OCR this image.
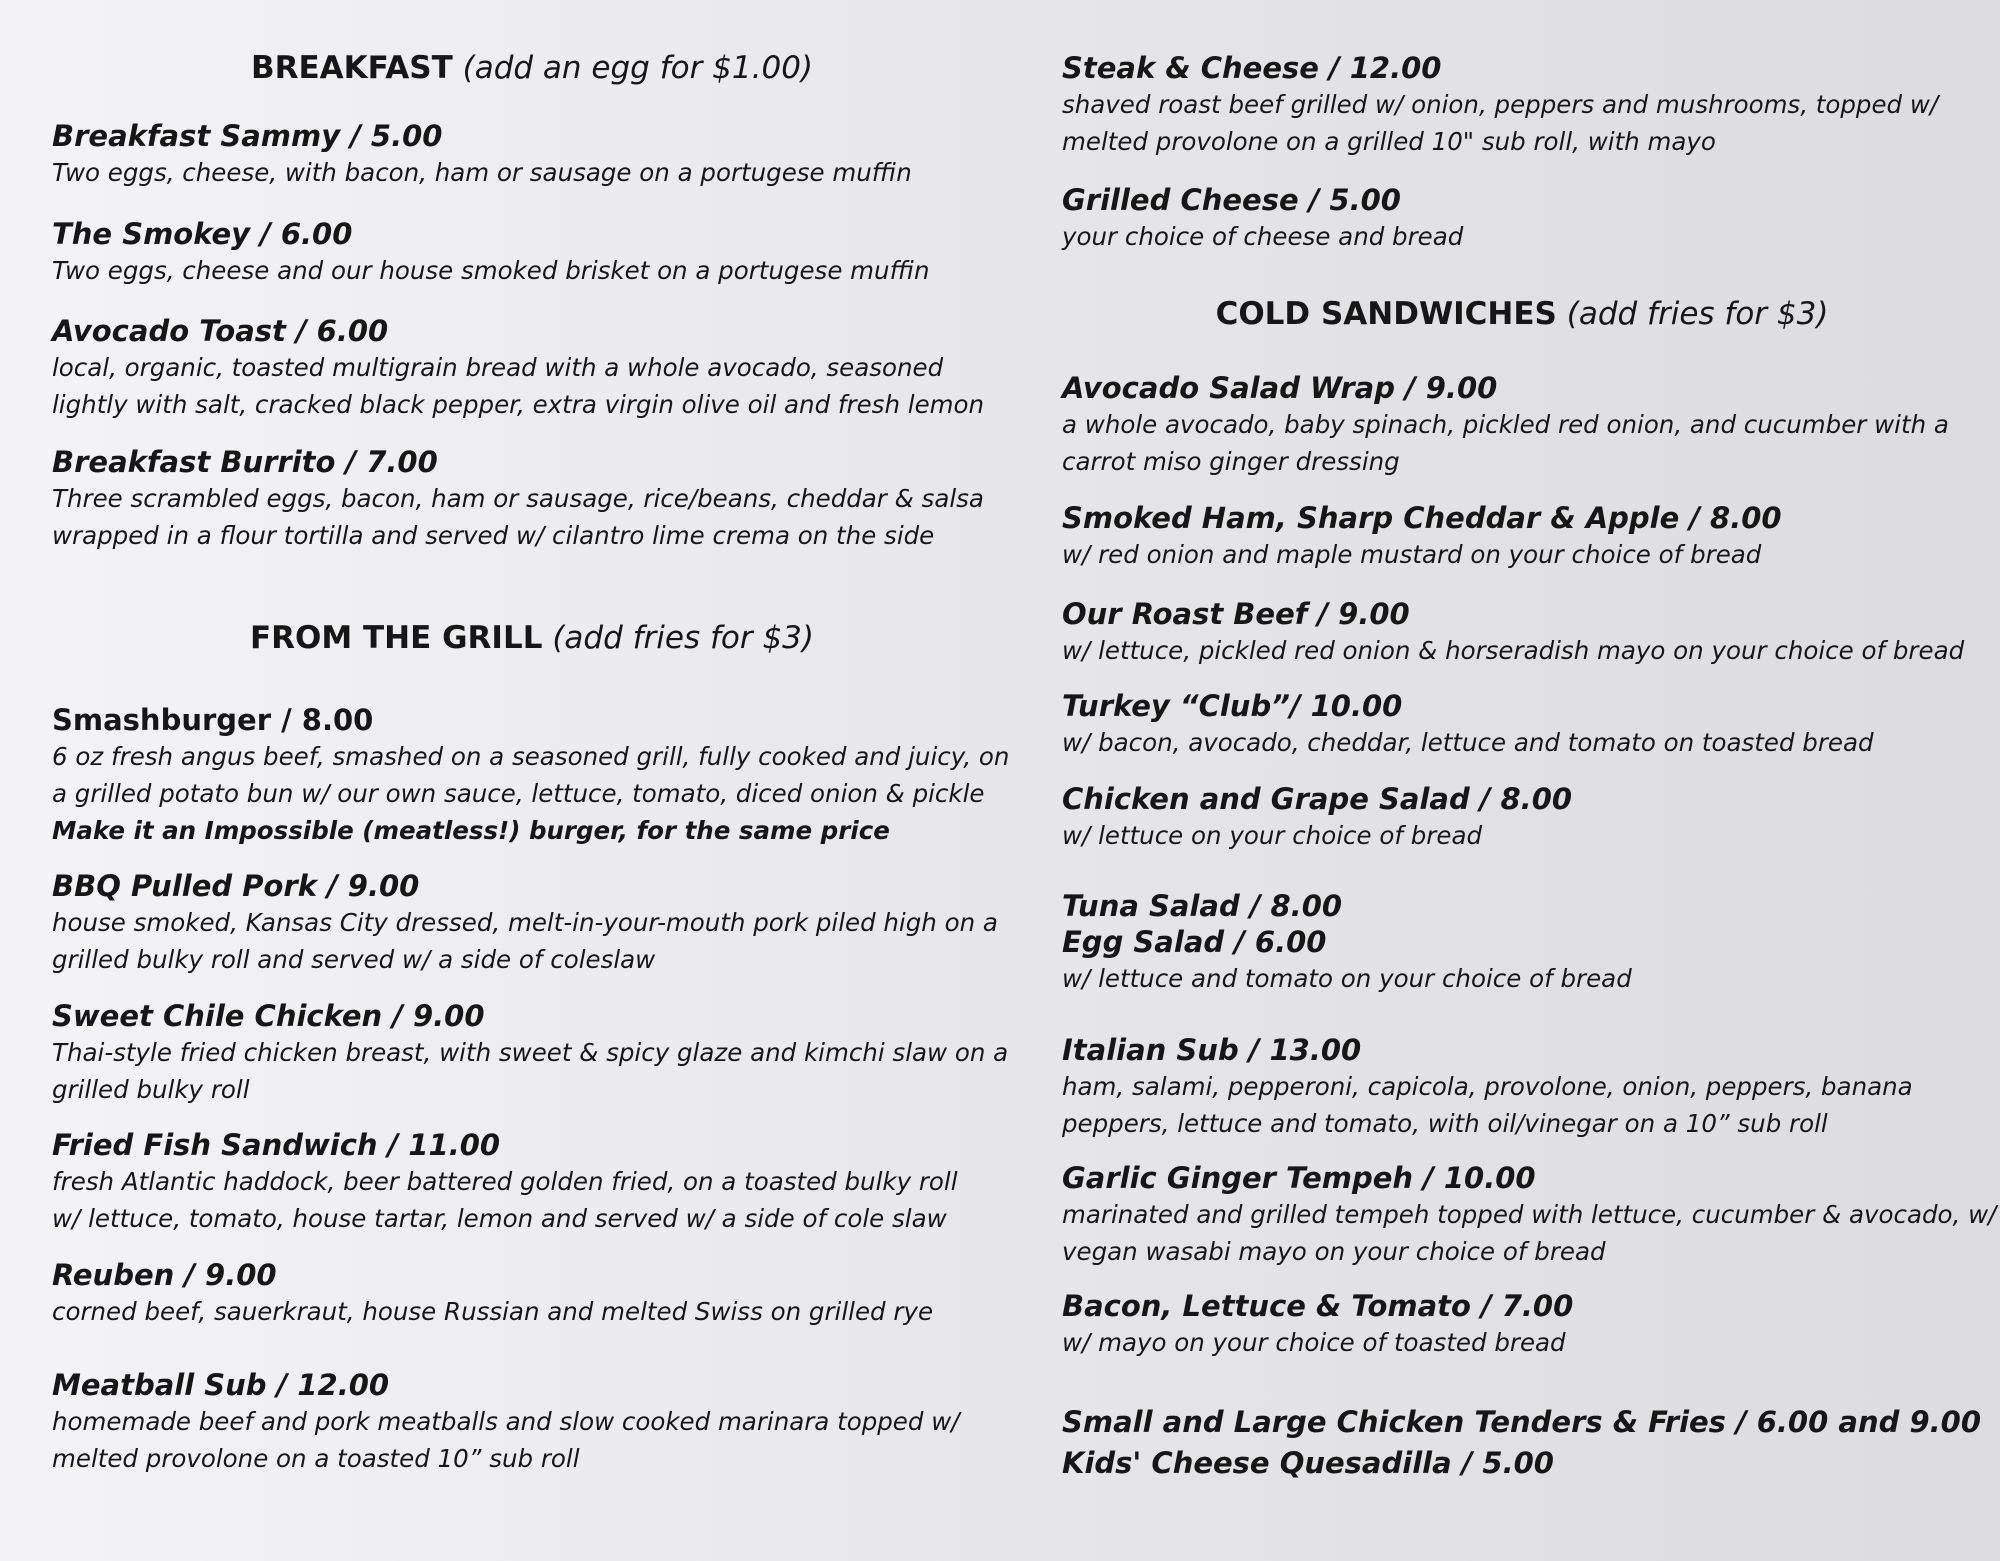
BREAKFAST (add an egg for $1.00)
Breakfast Sammy / 5.00
Two eggs, cheese, with bacon, ham or sausage on a portugese muffin
The Smokey / 6.00
Two eggs, cheese and our house smoked brisket on a portugese muffin
Avocado Toast / 6.00
local, organic, toasted multigrain bread with a whole avocado, seasoned
lightly with salt, cracked black pepper, extra virgin olive oil and fresh lemon
Breakfast Burrito / 7.00
Three scrambled eggs, bacon, ham or sausage, rice/beans, cheddar & salsa
wrapped in a flour tortilla and served w/ cilantro lime crema on the side
FROM THE GRILL (add fries for $3)
Smashburger / 8.00
6 oz fresh angus beef, smashed on a seasoned grill, fully cooked and juicy, on
a grilled potato bun w/ our own sauce, lettuce, tomato, diced onion & pickle
Make it an Impossible (meatless!) burger, for the same price
BBQ Pulled Pork / 9.00
house smoked, Kansas City dressed, melt-in-your-mouth pork piled high on a
grilled bulky roll and served w/ a side of coleslaw
Sweet Chile Chicken / 9.00
Thai-style fried chicken breast, with sweet & spicy glaze and kimchi slaw on a
grilled bulky roll
Fried Fish Sandwich / 11.00
fresh Atlantic haddock, beer battered golden fried, on a toasted bulky roll
w/ lettuce, tomato, house tartar, lemon and served w/ a side of cole slaw
Reuben / 9.00
corned beef, sauerkraut, house Russian and melted Swiss on grilled rye
Meatball Sub / 12.00
homemade beef and pork meatballs and slow cooked marinara topped w/
melted provolone on a toasted 10” sub roll
Steak & Cheese / 12.00
shaved roast beef grilled w/ onion, peppers and mushrooms, topped w/
melted provolone on a grilled 10" sub roll, with mayo
Grilled Cheese / 5.00
your choice of cheese and bread
COLD SANDWICHES (add fries for $3)
Avocado Salad Wrap / 9.00
a whole avocado, baby spinach, pickled red onion, and cucumber with a
carrot miso ginger dressing
Smoked Ham, Sharp Cheddar & Apple / 8.00
w/ red onion and maple mustard on your choice of bread
Our Roast Beef / 9.00
w/ lettuce, pickled red onion & horseradish mayo on your choice of bread
Turkey “Club”/ 10.00
w/ bacon, avocado, cheddar, lettuce and tomato on toasted bread
Chicken and Grape Salad / 8.00
w/ lettuce on your choice of bread
Tuna Salad / 8.00
Egg Salad / 6.00
w/ lettuce and tomato on your choice of bread
Italian Sub / 13.00
ham, salami, pepperoni, capicola, provolone, onion, peppers, banana
peppers, lettuce and tomato, with oil/vinegar on a 10” sub roll
Garlic Ginger Tempeh / 10.00
marinated and grilled tempeh topped with lettuce, cucumber & avocado, w/
vegan wasabi mayo on your choice of bread
Bacon, Lettuce & Tomato / 7.00
w/ mayo on your choice of toasted bread
Small and Large Chicken Tenders & Fries / 6.00 and 9.00
Kids' Cheese Quesadilla / 5.00
